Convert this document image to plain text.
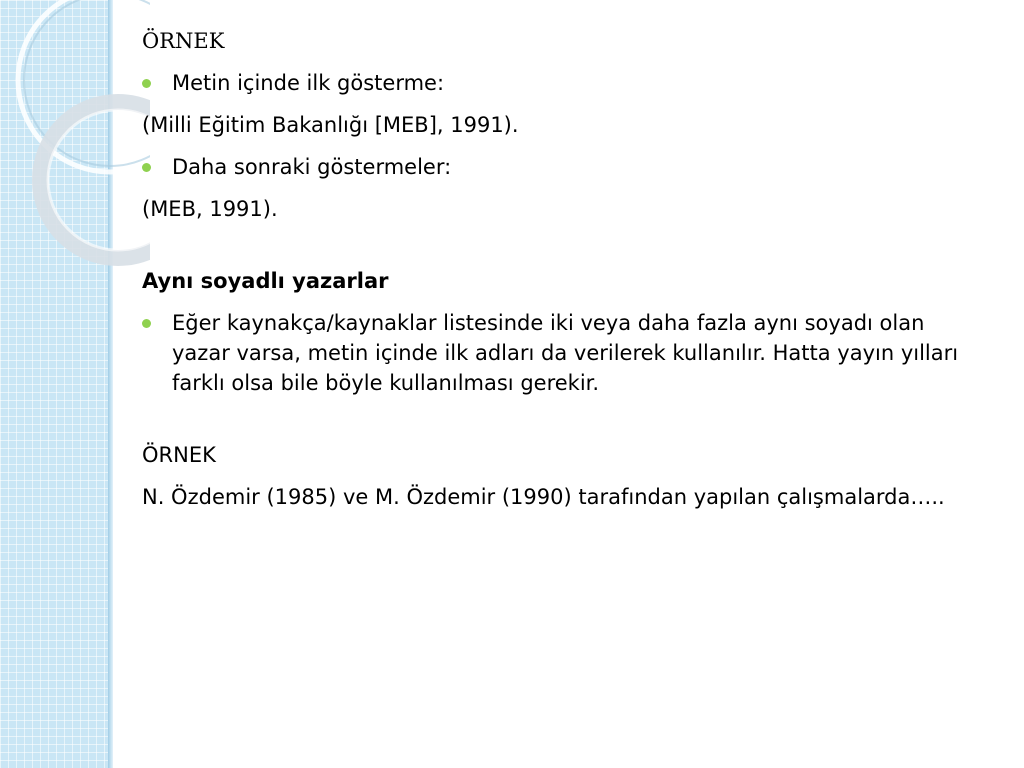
ÖRNEK

Metin içinde ilk gösterme:

(Milli Eğitim Bakanlığı [MEB], 1991).

Daha sonraki göstermeler:

(MEB, 1991).

Aynı soyadlı yazarlar

Eğer kaynakça/kaynaklar listesinde iki veya daha fazla aynı soyadı olan yazar varsa, metin içinde ilk adları da verilerek kullanılır. Hatta yayın yılları farklı olsa bile böyle kullanılması gerekir.

ÖRNEK

N. Özdemir (1985) ve M. Özdemir (1990) tarafından yapılan çalışmalarda…..
